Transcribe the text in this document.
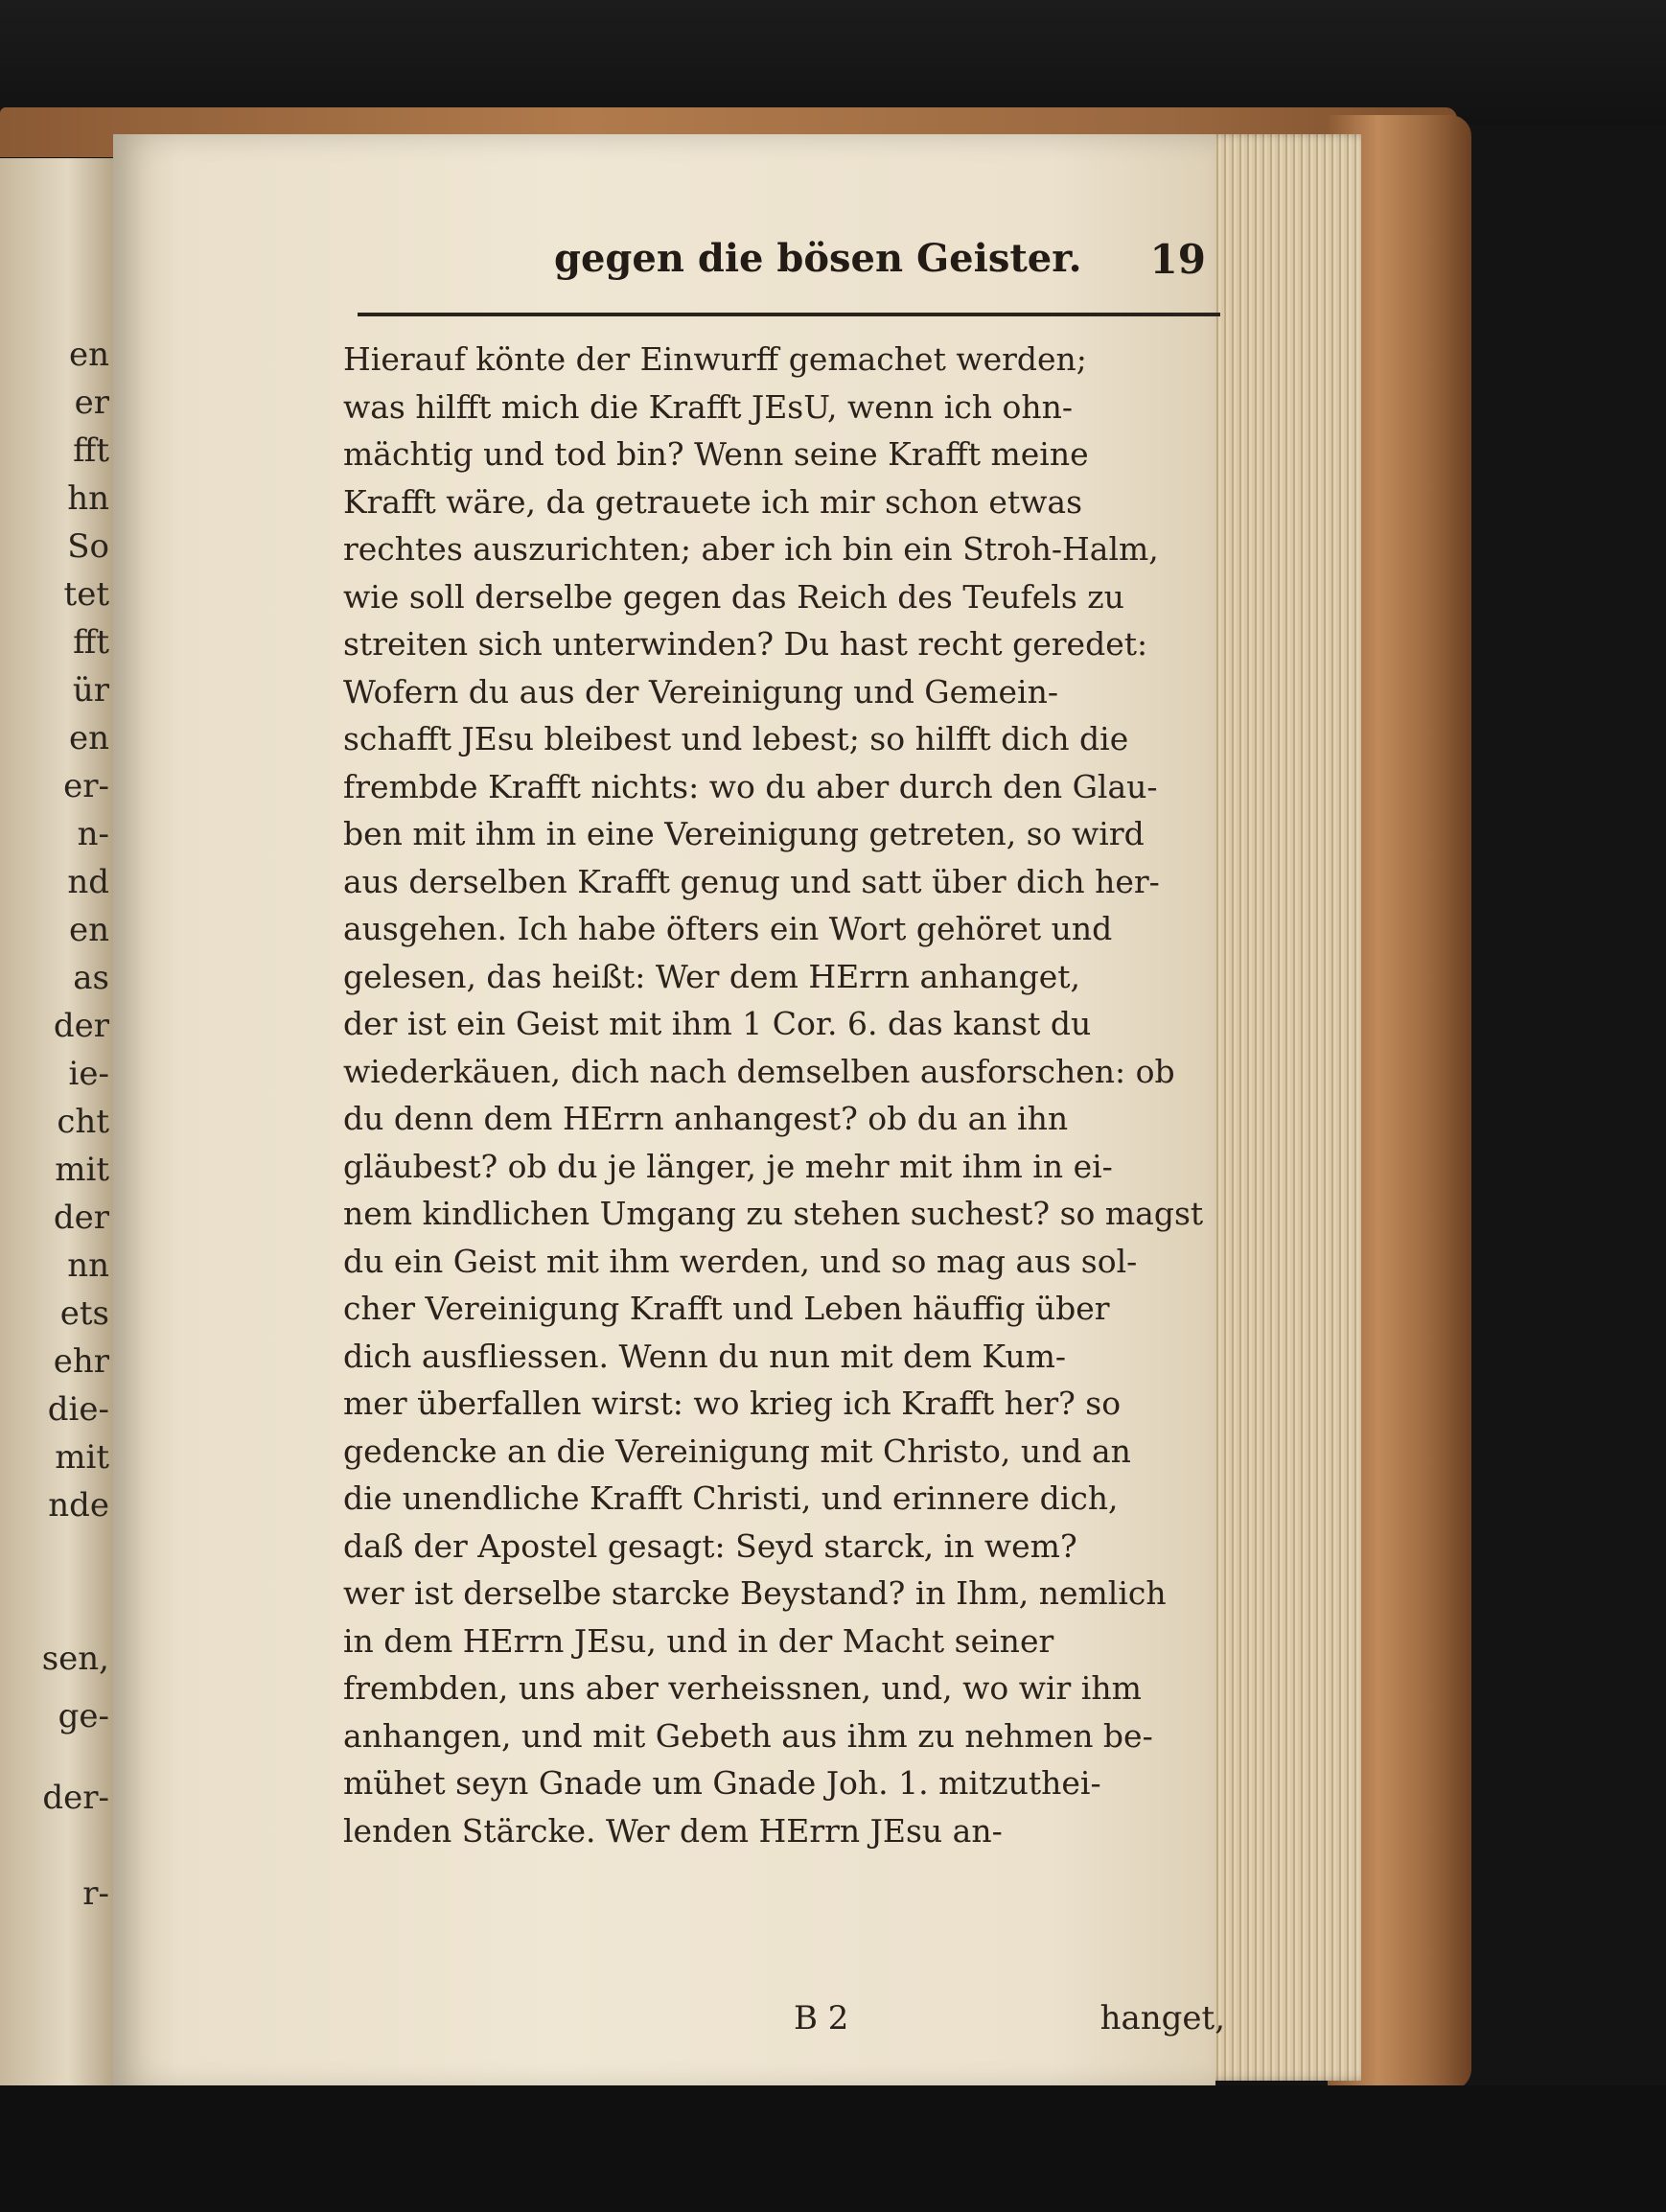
en
er
fft
hn
So
tet
fft
ür
en
er-
n-
nd
en
as
der
ie-
cht
mit
der
nn
ets
ehr
die-
mit
nde
sen,
ge-
der-
r-
gegen die bösen Geister. 19
Hierauf könte der Einwurff gemachet werden;
was hilfft mich die Krafft JEsU, wenn ich ohn-
mächtig und tod bin? Wenn seine Krafft meine
Krafft wäre, da getrauete ich mir schon etwas
rechtes auszurichten; aber ich bin ein Stroh-Halm,
wie soll derselbe gegen das Reich des Teufels zu
streiten sich unterwinden? Du hast recht geredet:
Wofern du aus der Vereinigung und Gemein-
schafft JEsu bleibest und lebest; so hilfft dich die
frembde Krafft nichts: wo du aber durch den Glau-
ben mit ihm in eine Vereinigung getreten, so wird
aus derselben Krafft genug und satt über dich her-
ausgehen. Ich habe öfters ein Wort gehöret und
gelesen, das heißt: Wer dem HErrn anhanget,
der ist ein Geist mit ihm 1 Cor. 6. das kanst du
wiederkäuen, dich nach demselben ausforschen: ob
du denn dem HErrn anhangest? ob du an ihn
gläubest? ob du je länger, je mehr mit ihm in ei-
nem kindlichen Umgang zu stehen suchest? so magst
du ein Geist mit ihm werden, und so mag aus sol-
cher Vereinigung Krafft und Leben häuffig über
dich ausfliessen. Wenn du nun mit dem Kum-
mer überfallen wirst: wo krieg ich Krafft her? so
gedencke an die Vereinigung mit Christo, und an
die unendliche Krafft Christi, und erinnere dich,
daß der Apostel gesagt: Seyd starck, in wem?
wer ist derselbe starcke Beystand? in Ihm, nemlich
in dem HErrn JEsu, und in der Macht seiner
frembden, uns aber verheissnen, und, wo wir ihm
anhangen, und mit Gebeth aus ihm zu nehmen be-
mühet seyn Gnade um Gnade Joh. 1. mitzuthei-
lenden Stärcke. Wer dem HErrn JEsu an-
B 2	hanget,
